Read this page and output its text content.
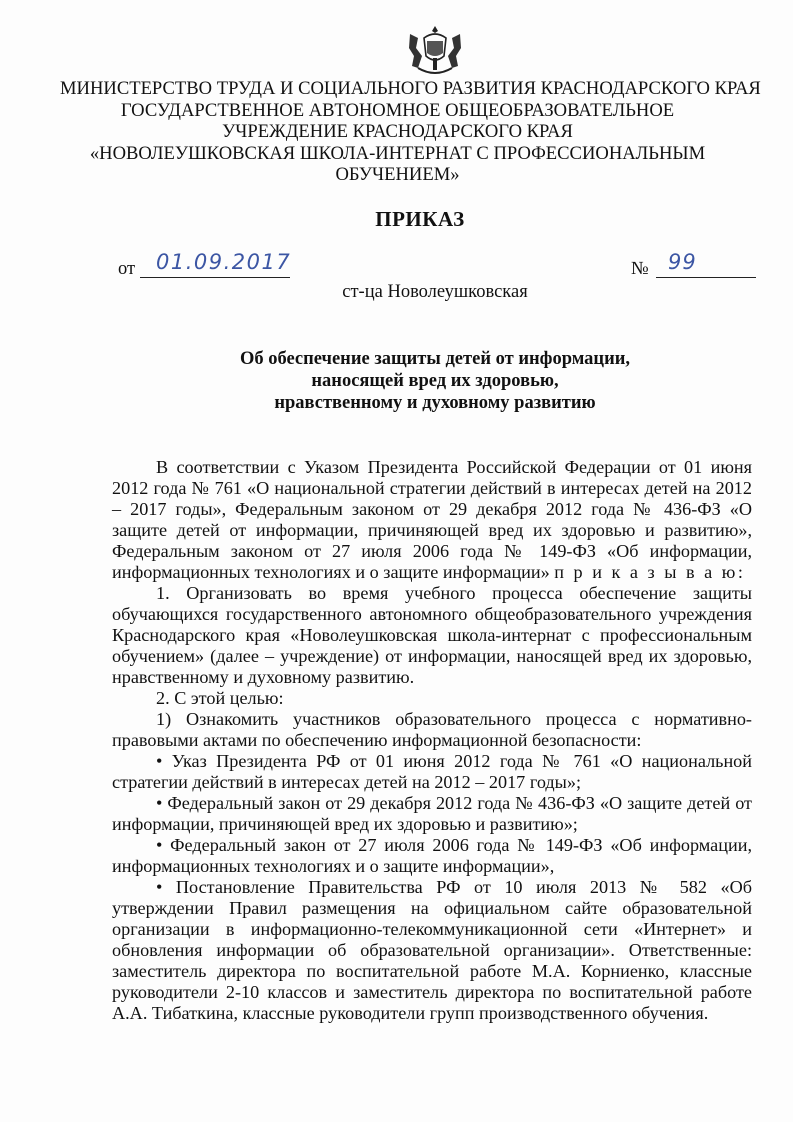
МИНИСТЕРСТВО ТРУДА И СОЦИАЛЬНОГО РАЗВИТИЯ КРАСНОДАРСКОГО КРАЯ
ГОСУДАРСТВЕННОЕ АВТОНОМНОЕ ОБЩЕОБРАЗОВАТЕЛЬНОЕ
УЧРЕЖДЕНИЕ КРАСНОДАРСКОГО КРАЯ
«НОВОЛЕУШКОВСКАЯ ШКОЛА-ИНТЕРНАТ С ПРОФЕССИОНАЛЬНЫМ
ОБУЧЕНИЕМ»
ПРИКАЗ
от 01.09.2017	№ 99
ст-ца Новолеушковская
Об обеспечение защиты детей от информации,
наносящей вред их здоровью,
нравственному и духовному развитию

В соответствии с Указом Президента Российской Федерации от 01 июня 2012 года № 761 «О национальной стратегии действий в интересах детей на 2012 – 2017 годы», Федеральным законом от 29 декабря 2012 года № 436-ФЗ «О защите детей от информации, причиняющей вред их здоровью и развитию», Федеральным законом от 27 июля 2006 года № 149-ФЗ «Об информации, информационных технологиях и о защите информации» п р и к а з ы в а ю:

1. Организовать во время учебного процесса обеспечение защиты обучающихся государственного автономного общеобразовательного учреждения Краснодарского края «Новолеушковская школа-интернат с профессиональным обучением» (далее – учреждение) от информации, наносящей вред их здоровью, нравственному и духовному развитию.

2. С этой целью:

1) Ознакомить участников образовательного процесса с нормативно-правовыми актами по обеспечению информационной безопасности:

• Указ Президента РФ от 01 июня 2012 года № 761 «О национальной стратегии действий в интересах детей на 2012 – 2017 годы»;

• Федеральный закон от 29 декабря 2012 года № 436-ФЗ «О защите детей от информации, причиняющей вред их здоровью и развитию»;

• Федеральный закон от 27 июля 2006 года № 149-ФЗ «Об информации, информационных технологиях и о защите информации»,

• Постановление Правительства РФ от 10 июля 2013 № 582 «Об утверждении Правил размещения на официальном сайте образовательной организации в информационно-телекоммуникационной сети «Интернет» и обновления информации об образовательной организации». Ответственные: заместитель директора по воспитательной работе М.А. Корниенко, классные руководители 2-10 классов и заместитель директора по воспитательной работе А.А. Тибаткина, классные руководители групп производственного обучения.
